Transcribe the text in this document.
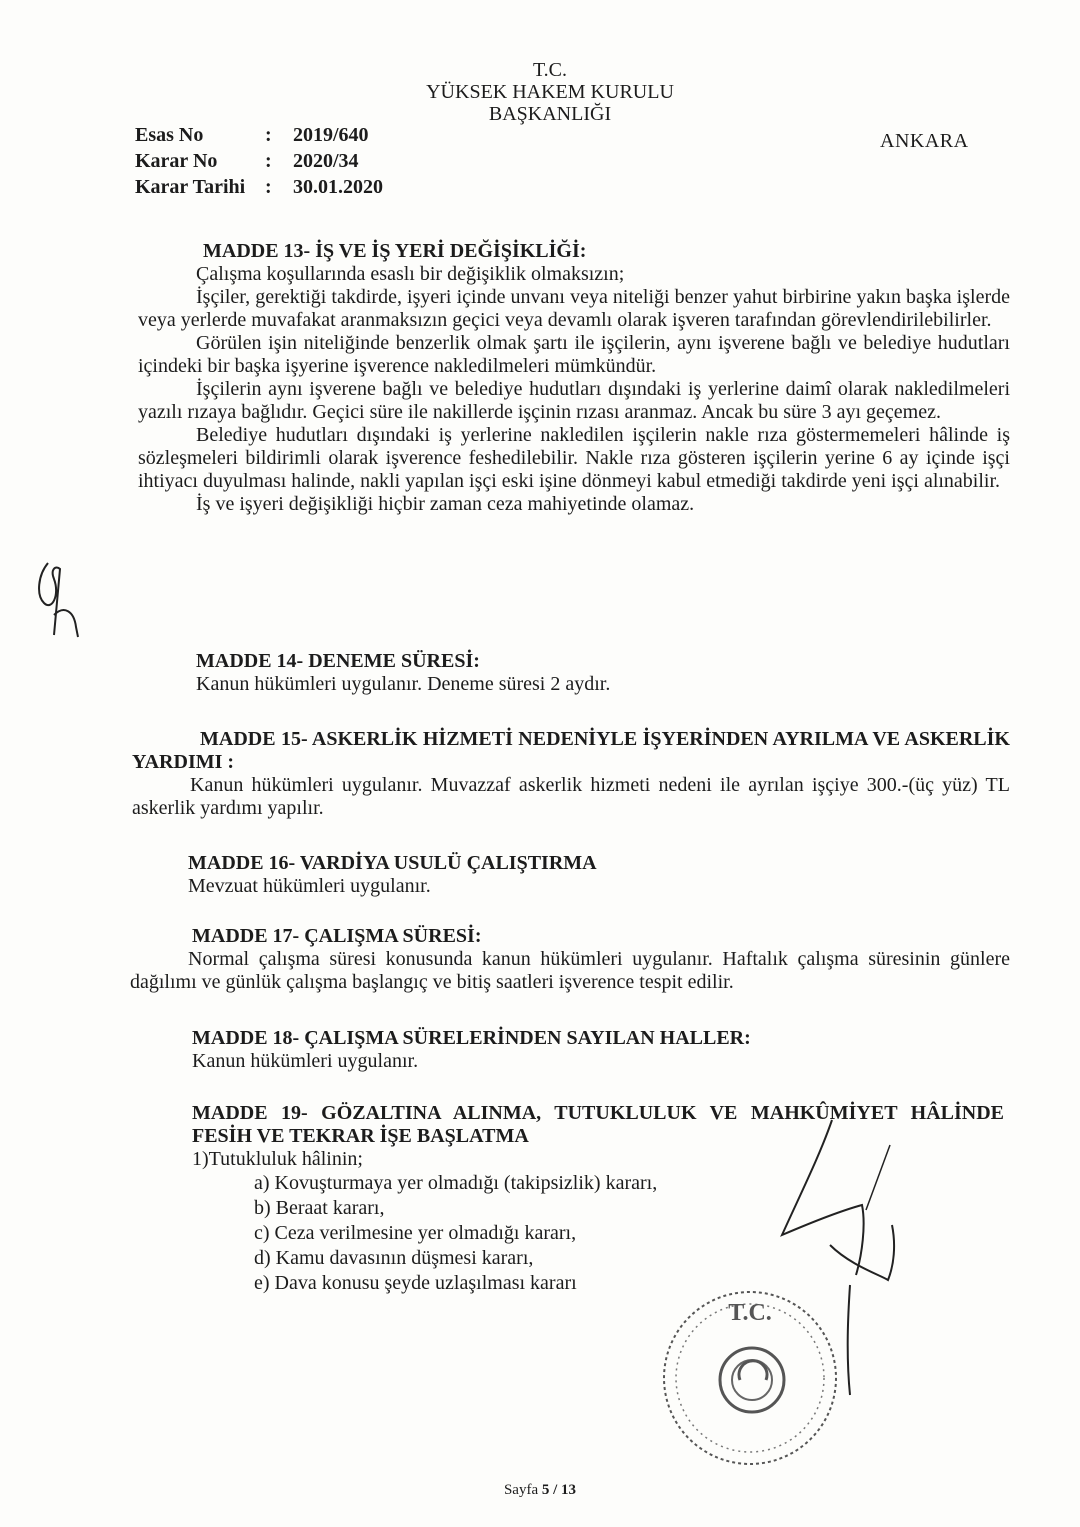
T.C.
YÜKSEK HAKEM KURULU
BAŞKANLIĞI
ANKARA
Esas No	:	2019/640
Karar No	:	2020/34
Karar Tarihi :	30.01.2020

MADDE 13- İŞ VE İŞ YERİ DEĞİŞİKLİĞİ:

Çalışma koşullarında esaslı bir değişiklik olmaksızın;

İşçiler, gerektiği takdirde, işyeri içinde unvanı veya niteliği benzer yahut birbirine yakın başka işlerde veya yerlerde muvafakat aranmaksızın geçici veya devamlı olarak işveren tarafından görevlendirilebilirler.

Görülen işin niteliğinde benzerlik olmak şartı ile işçilerin, aynı işverene bağlı ve belediye hudutları içindeki bir başka işyerine işverence nakledilmeleri mümkündür.

İşçilerin aynı işverene bağlı ve belediye hudutları dışındaki iş yerlerine daimî olarak nakledilmeleri yazılı rızaya bağlıdır. Geçici süre ile nakillerde işçinin rızası aranmaz. Ancak bu süre 3 ayı geçemez.

Belediye hudutları dışındaki iş yerlerine nakledilen işçilerin nakle rıza göstermemeleri hâlinde iş sözleşmeleri bildirimli olarak işverence feshedilebilir. Nakle rıza gösteren işçilerin yerine 6 ay içinde işçi ihtiyacı duyulması halinde, nakli yapılan işçi eski işine dönmeyi kabul etmediği takdirde yeni işçi alınabilir.

İş ve işyeri değişikliği hiçbir zaman ceza mahiyetinde olamaz.

MADDE 14- DENEME SÜRESİ:

Kanun hükümleri uygulanır. Deneme süresi 2 aydır.

MADDE 15- ASKERLİK HİZMETİ NEDENİYLE İŞYERİNDEN AYRILMA VE ASKERLİK YARDIMI :

Kanun hükümleri uygulanır. Muvazzaf askerlik hizmeti nedeni ile ayrılan işçiye 300.-(üç yüz) TL askerlik yardımı yapılır.

MADDE 16- VARDİYA USULÜ ÇALIŞTIRMA

Mevzuat hükümleri uygulanır.

MADDE 17- ÇALIŞMA SÜRESİ:

Normal çalışma süresi konusunda kanun hükümleri uygulanır. Haftalık çalışma süresinin günlere dağılımı ve günlük çalışma başlangıç ve bitiş saatleri işverence tespit edilir.

MADDE 18- ÇALIŞMA SÜRELERİNDEN SAYILAN HALLER:

Kanun hükümleri uygulanır.

MADDE 19- GÖZALTINA ALINMA, TUTUKLULUK VE MAHKÛMİYET HÂLİNDE FESİH VE TEKRAR İŞE BAŞLATMA

1)Tutukluluk hâlinin;

a) Kovuşturmaya yer olmadığı (takipsizlik) kararı,

b) Beraat kararı,

c) Ceza verilmesine yer olmadığı kararı,

d) Kamu davasının düşmesi kararı,

e) Dava konusu şeyde uzlaşılması kararı

T.C.
Sayfa 5 / 13
